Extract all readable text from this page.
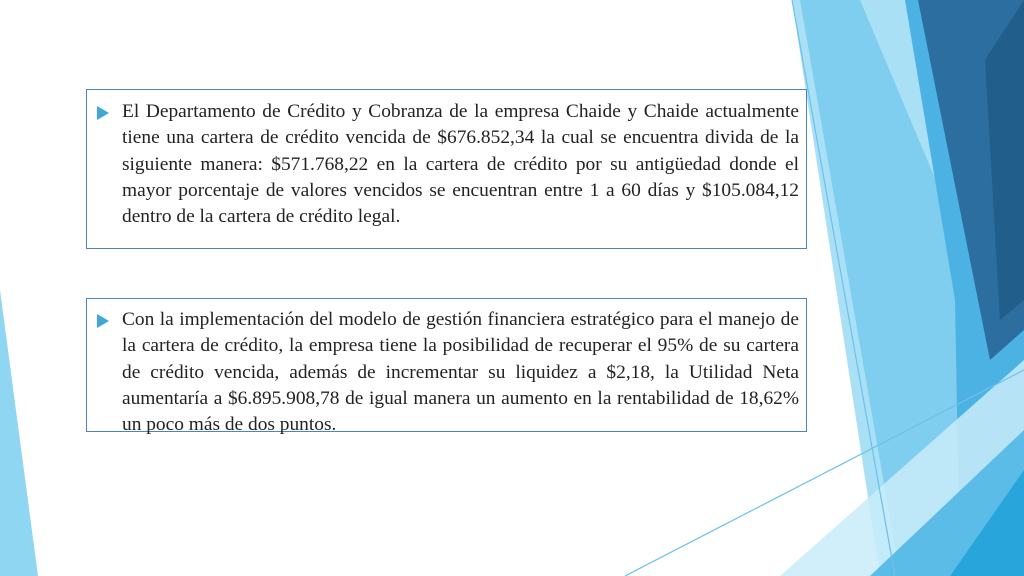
El Departamento de Crédito y Cobranza de la empresa Chaide y Chaide actualmente tiene una cartera de crédito vencida de $676.852,34 la cual se encuentra divida de la siguiente manera: $571.768,22 en la cartera de crédito por su antigüedad donde el mayor porcentaje de valores vencidos se encuentran entre 1 a 60 días y $105.084,12 dentro de la cartera de crédito legal.

Con la implementación del modelo de gestión financiera estratégico para el manejo de la cartera de crédito, la empresa tiene la posibilidad de recuperar el 95% de su cartera de crédito vencida, además de incrementar su liquidez a $2,18, la Utilidad Neta aumentaría a $6.895.908,78 de igual manera un aumento en la rentabilidad de 18,62% un poco más de dos puntos.
